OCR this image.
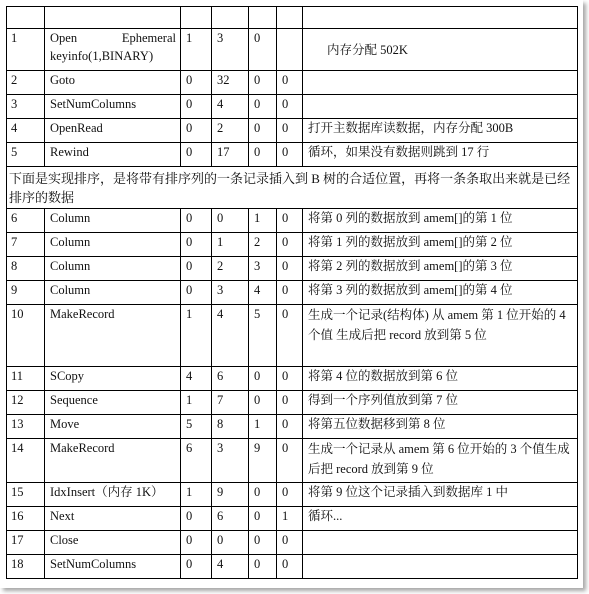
1	Open     Ephemeral
keyinfo(1,BINARY)	1	3	0		内存分配 502K
2	Goto	0	32	0	0	
3	SetNumColumns	0	4	0	0	
4	OpenRead	0	2	0	0	打开主数据库读数据，内存分配 300B
5	Rewind	0	17	0	0	循环，如果没有数据则跳到 17 行
下面是实现排序，是将带有排序列的一条记录插入到 B 树的合适位置，再将一条条取出来就是已经排序的数据						
6	Column	0	0	1	0	将第 0 列的数据放到 amem[]的第 1 位
7	Column	0	1	2	0	将第 1 列的数据放到 amem[]的第 2 位
8	Column	0	2	3	0	将第 2 列的数据放到 amem[]的第 3 位
9	Column	0	3	4	0	将第 3 列的数据放到 amem[]的第 4 位
10	MakeRecord	1	4	5	0	生成一个记录(结构体) 从 amem 第 1 位开始的 4 个值 生成后把 record 放到第 5 位
11	SCopy	4	6	0	0	将第 4 位的数据放到第 6 位
12	Sequence	1	7	0	0	得到一个序列值放到第 7 位
13	Move	5	8	1	0	将第五位数据移到第 8 位
14	MakeRecord	6	3	9	0	生成一个记录从 amem 第 6 位开始的 3 个值生成后把 record 放到第 9 位
15	IdxInsert（内存 1K）	1	9	0	0	将第 9 位这个记录插入到数据库 1 中
16	Next	0	6	0	1	循环...
17	Close	0	0	0	0	
18	SetNumColumns	0	4	0	0	
